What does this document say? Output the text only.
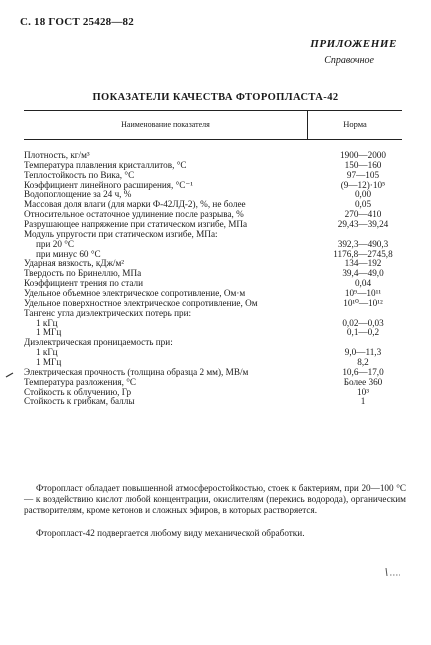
С. 18 ГОСТ 25428—82
ПРИЛОЖЕНИЕ
Справочное
ПОКАЗАТЕЛИ КАЧЕСТВА ФТОРОПЛАСТА-42
Наименование показателя	Норма
Плотность, кг/м³	1900—2000
Температура плавления кристаллитов, °С	150—160
Теплостойкость по Вика, °С	97—105
Коэффициент линейного расширения, °С⁻¹	(9—12)·10⁵
Водопоглощение за 24 ч, %	0,00
Массовая доля влаги (для марки Ф-42ЛД-2), %, не более	0,05
Относительное остаточное удлинение после разрыва, %	270—410
Разрушающее напряжение при статическом изгибе, МПа	29,43—39,24
Модуль упругости при статическом изгибе, МПа:
при 20 °С	392,3—490,3
при минус 60 °С	1176,8—2745,8
Ударная вязкость, кДж/м²	134—192
Твердость по Бринеллю, МПа	39,4—49,0
Коэффициент трения по стали	0,04
Удельное объемное электрическое сопротивление, Ом·м	10⁹—10¹¹
Удельное поверхностное электрическое сопротивление, Ом	10¹⁰—10¹²
Тангенс угла диэлектрических потерь при:
1 кГц	0,02—0,03
1 МГц	0,1—0,2
Диэлектрическая проницаемость при:
1 кГц	9,0—11,3
1 МГц	8,2
Электрическая прочность (толщина образца 2 мм), МВ/м	10,6—17,0
Температура разложения, °С	Более 360
Стойкость к облучению, Гр	10³
Стойкость к грибкам, баллы	1
Фторопласт обладает повышенной атмосферостойкостью, стоек к бактериям, при 20—100 °С — к воздействию кислот любой концентрации, окислителям (перекись водорода), органическим растворителям, кроме кетонов и сложных эфиров, в которых растворяется.
Фторопласт-42 подвергается любому виду механической обработки.
